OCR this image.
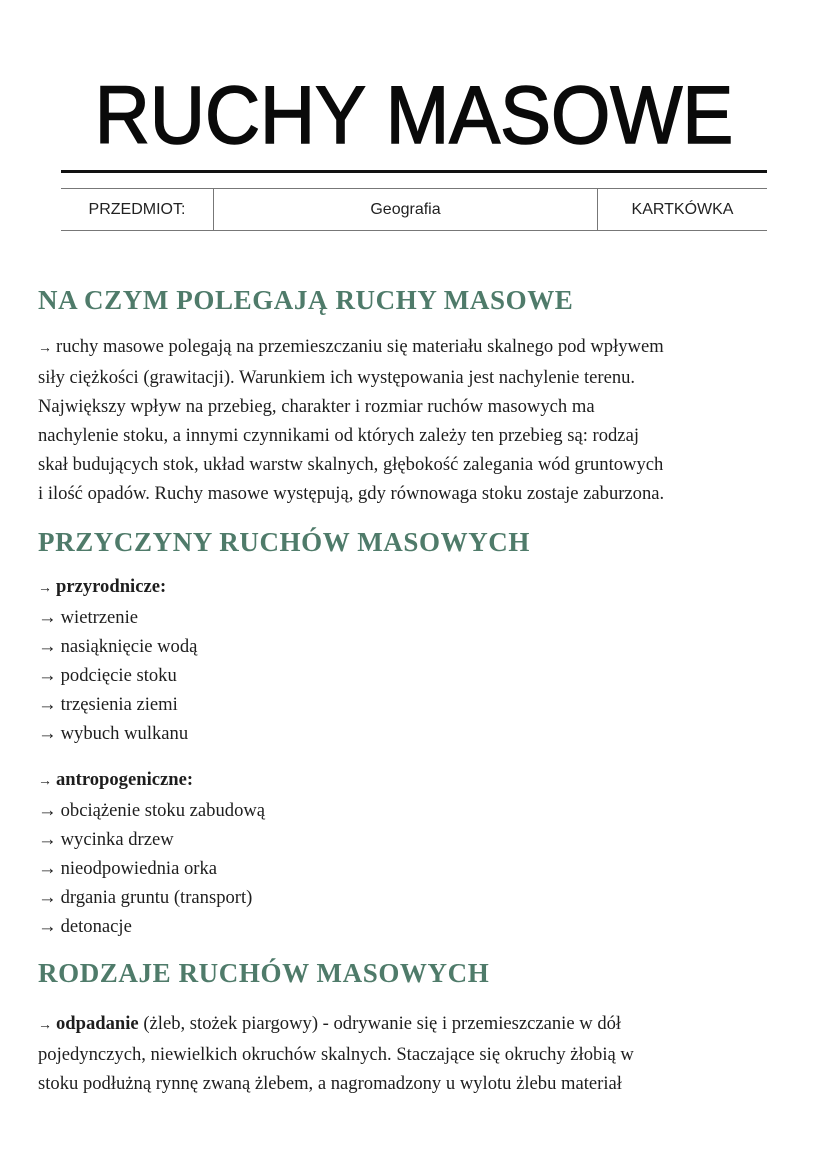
RUCHY MASOWE
PRZEDMIOT:	Geografia	KARTKÓWKA
NA CZYM POLEGAJĄ RUCHY MASOWE

→ ruchy masowe polegają na przemieszczaniu się materiału skalnego pod wpływem
siły ciężkości (grawitacji). Warunkiem ich występowania jest nachylenie terenu.
Największy wpływ na przebieg, charakter i rozmiar ruchów masowych ma
nachylenie stoku, a innymi czynnikami od których zależy ten przebieg są: rodzaj
skał budujących stok, układ warstw skalnych, głębokość zalegania wód gruntowych
i ilość opadów. Ruchy masowe występują, gdy równowaga stoku zostaje zaburzona.

PRZYCZYNY RUCHÓW MASOWYCH
→ przyrodnicze:
→ wietrzenie
→ nasiąknięcie wodą
→ podcięcie stoku
→ trzęsienia ziemi
→ wybuch wulkanu
→ antropogeniczne:
→ obciążenie stoku zabudową
→ wycinka drzew
→ nieodpowiednia orka
→ drgania gruntu (transport)
→ detonacje
RODZAJE RUCHÓW MASOWYCH

→ odpadanie (żleb, stożek piargowy) - odrywanie się i przemieszczanie w dół
pojedynczych, niewielkich okruchów skalnych. Staczające się okruchy żłobią w
stoku podłużną rynnę zwaną żlebem, a nagromadzony u wylotu żlebu materiał
